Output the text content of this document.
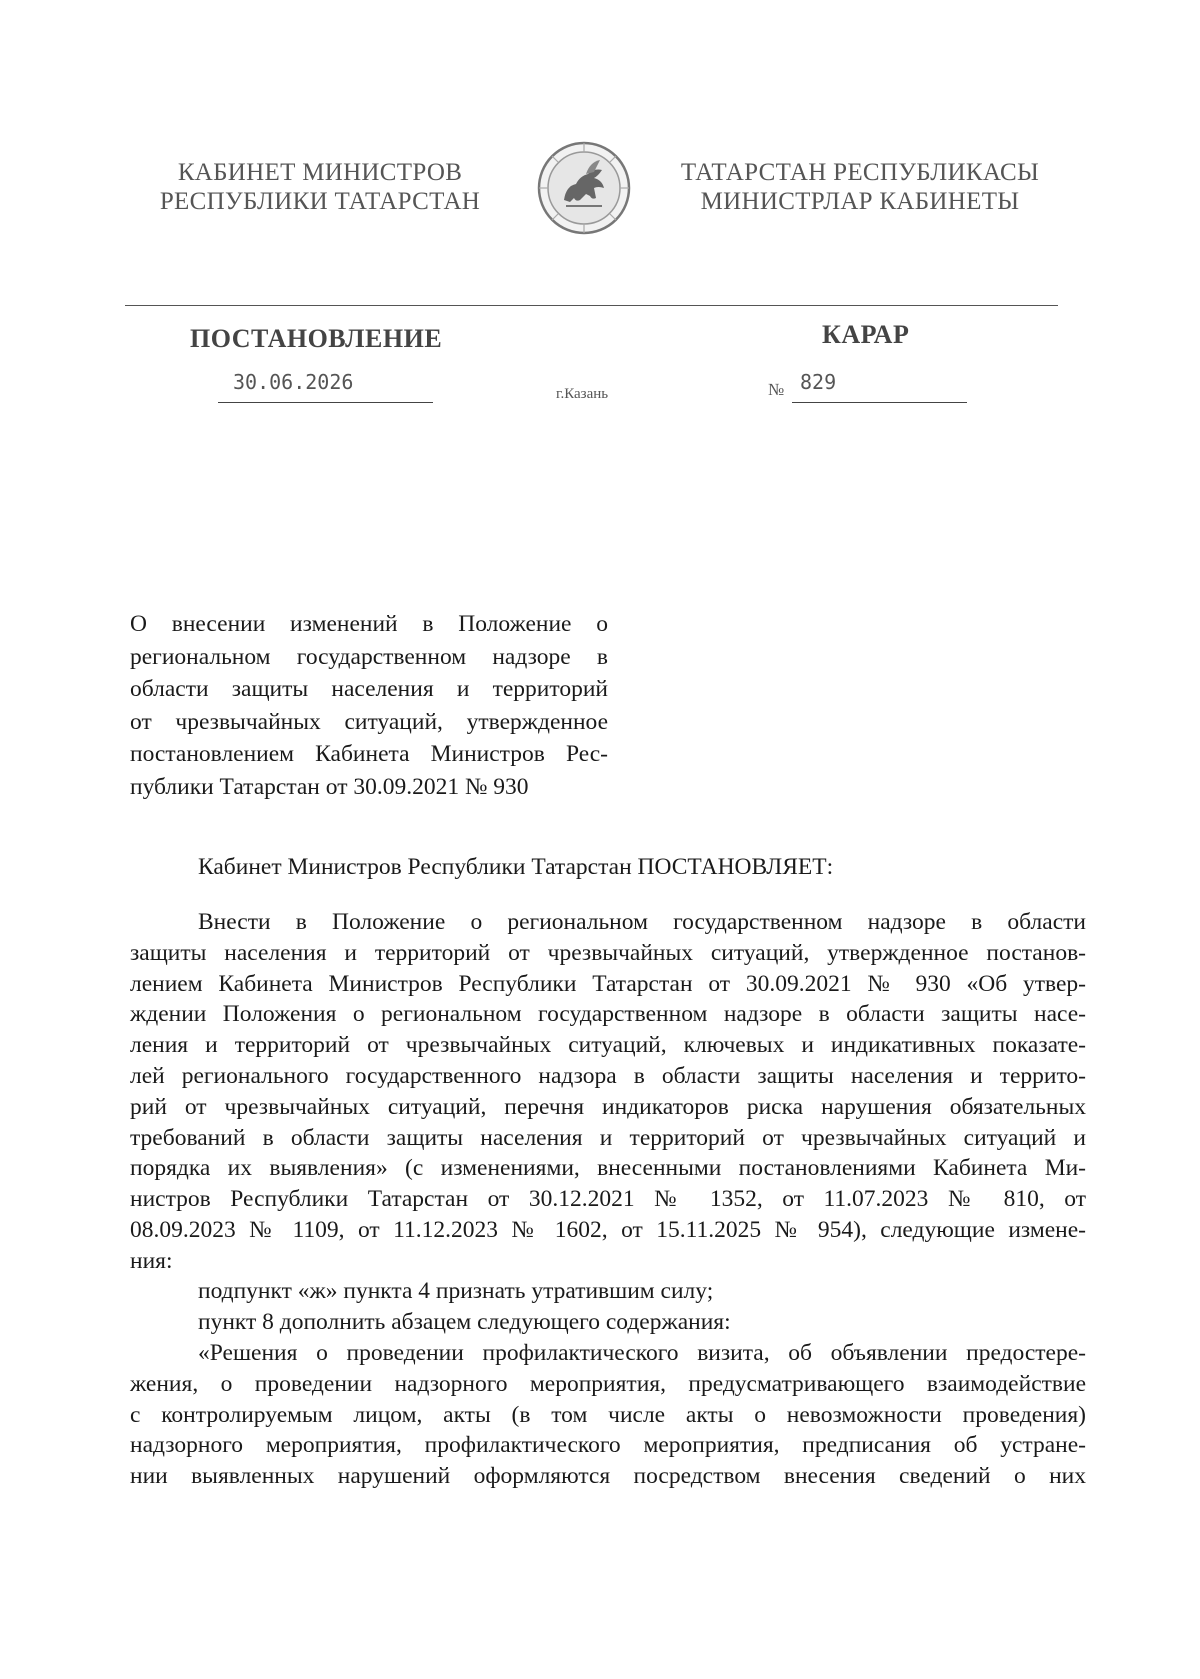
КАБИНЕТ МИНИСТРОВ
РЕСПУБЛИКИ ТАТАРСТАН
ТАТАРСТАН РЕСПУБЛИКАСЫ
МИНИСТРЛАР КАБИНЕТЫ
ПОСТАНОВЛЕНИЕ	КАРАР
30.06.2026	г.Казань	№ 829
О внесении изменений в Положение о
региональном государственном надзоре в
области защиты населения и территорий
от чрезвычайных ситуаций, утвержденное
постановлением Кабинета Министров Рес-
публики Татарстан от 30.09.2021 № 930
Кабинет Министров Республики Татарстан ПОСТАНОВЛЯЕТ:
Внести в Положение о региональном государственном надзоре в области
защиты населения и территорий от чрезвычайных ситуаций, утвержденное постанов-
лением Кабинета Министров Республики Татарстан от 30.09.2021 № 930 «Об утвер-
ждении Положения о региональном государственном надзоре в области защиты насе-
ления и территорий от чрезвычайных ситуаций, ключевых и индикативных показате-
лей регионального государственного надзора в области защиты населения и террито-
рий от чрезвычайных ситуаций, перечня индикаторов риска нарушения обязательных
требований в области защиты населения и территорий от чрезвычайных ситуаций и
порядка их выявления» (с изменениями, внесенными постановлениями Кабинета Ми-
нистров Республики Татарстан от 30.12.2021 № 1352, от 11.07.2023 № 810, от
08.09.2023 № 1109, от 11.12.2023 № 1602, от 15.11.2025 № 954), следующие измене-
ния:
подпункт «ж» пункта 4 признать утратившим силу;
пункт 8 дополнить абзацем следующего содержания:
«Решения о проведении профилактического визита, об объявлении предостере-
жения, о проведении надзорного мероприятия, предусматривающего взаимодействие
с контролируемым лицом, акты (в том числе акты о невозможности проведения)
надзорного мероприятия, профилактического мероприятия, предписания об устране-
нии выявленных нарушений оформляются посредством внесения сведений о них
